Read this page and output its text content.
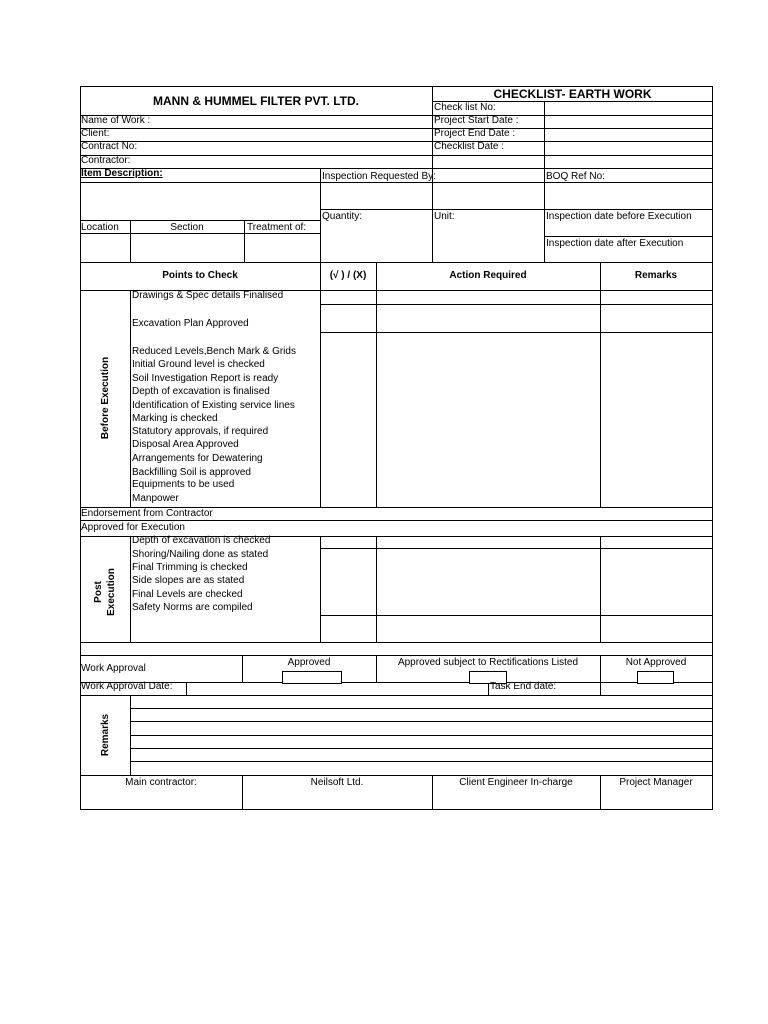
MANN & HUMMEL FILTER PVT. LTD.	CHECKLIST- EARTH WORK
Check list No:
Name of Work :	Project Start Date :
Client:	Project End Date :
Contract No:	Checklist Date :
Contractor:
Item Description:	Inspection Requested By:	BOQ Ref No:
Quantity:	Unit:	Inspection date before Execution
Location	Section	Treatment of:
Inspection date after Execution
Points to Check	(√ ) / (X)	Action Required	Remarks
Before Execution
Drawings & Spec details Finalised
Excavation Plan Approved
Reduced Levels,Bench Mark & Grids
Initial Ground level is checked
Soil Investigation Report is ready
Depth of excavation is finalised
Identification of Existing service lines
Marking is checked
Statutory approvals, if required
Disposal Area Approved
Arrangements for Dewatering
Backfilling Soil is approved
Equipments to be used
Manpower
Endorsement from Contractor
Approved for Execution
Post Execution
Depth of excavation is checked
Shoring/Nailing done as stated
Final Trimming is checked
Side slopes are as stated
Final Levels are checked
Safety Norms are compiled
Work Approval
Approved	Approved subject to Rectifications Listed	Not Approved
Work Approval Date:	Task End date:
Remarks
Main contractor:	Neilsoft Ltd.	Client Engineer In-charge	Project Manager
